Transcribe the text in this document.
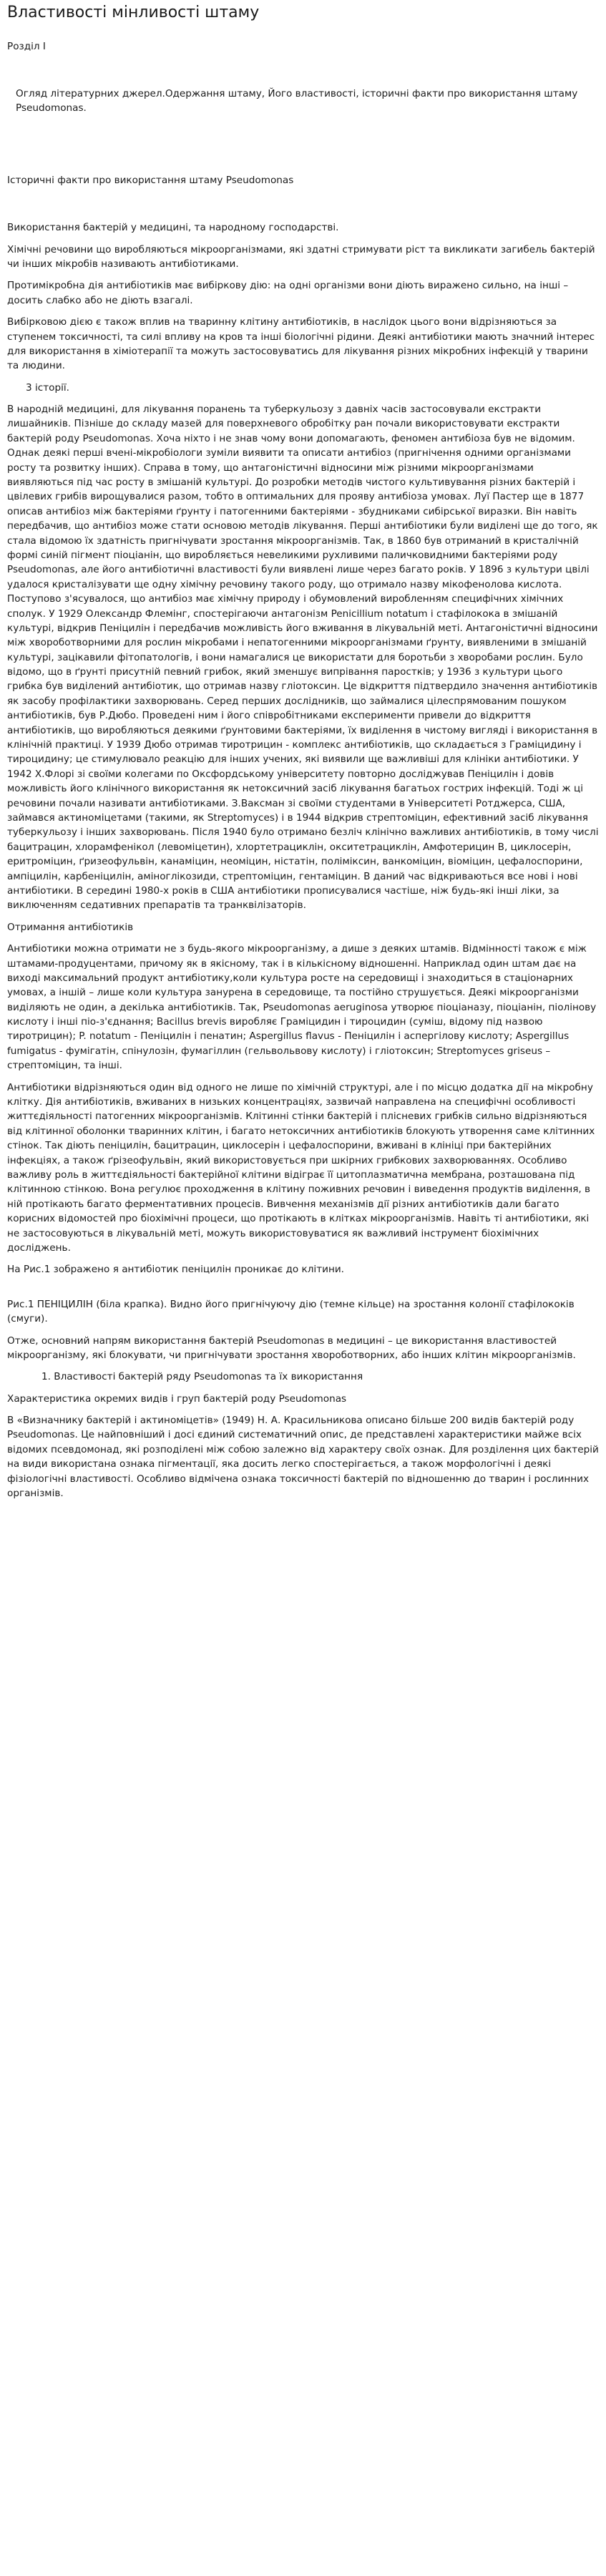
Властивості мінливості штаму

Розділ І

Огляд літературних джерел.Одержання штаму, Його властивості, історичні факти про використання штаму Pseudomonas.

Історичні факти про використання штаму Pseudomonas

Використання бактерій у медицині, та народному господарстві.

Хімічні речовини що виробляються мікроорганізмами, які здатні стримувати ріст та викликати загибель бактерій чи інших мікробів називають антибіотиками.

Протимікробна дія антибіотиків має вибіркову дію: на одні організми вони діють виражено сильно, на інші – досить слабко або не діють взагалі.

Вибірковою дією є також вплив на тваринну клітину антибіотиків, в наслідок цього вони відрізняються за ступенем токсичності, та силі впливу на кров та інші біологічні рідини. Деякі антибіотики мають значний інтерес для використання в хіміотерапії та можуть застосовуватись для лікування різних мікробних інфекцій у тварини та людини.

3 історії.

В народній медицині, для лікування поранень та туберкульозу з давніх часів застосовували екстракти лишайників. Пізніше до складу мазей для поверхневого обробітку ран почали використовувати екстракти бактерій роду Pseudomonas. Хоча ніхто і не знав чому вони допомагають, феномен антибіоза був не відомим. Однак деякі перші вчені-мікробіологи зуміли виявити та описати антибіоз (пригнічення одними організмами росту та розвитку інших). Справа в тому, що антагоністичні відносини між різними мікроорганізмами виявляються під час росту в змішаній культурі. До розробки методів чистого культивування різних бактерій і цвілевих грибів вирощувалися разом, тобто в оптимальних для прояву антибіоза умовах. Луї Пастер ще в 1877 описав антибіоз між бактеріями ґрунту і патогенними бактеріями - збудниками сибірської виразки. Він навіть передбачив, що антибіоз може стати основою методів лікування. Перші антибіотики були виділені ще до того, як стала відомою їх здатність пригнічувати зростання мікроорганізмів. Так, в 1860 був отриманий в кристалічній формі синій пігмент піоціанін, що виробляється невеликими рухливими паличковидними бактеріями роду Pseudomonas, але його антибіотичні властивості були виявлені лише через багато років. У 1896 з культури цвілі удалося кристалізувати ще одну хімічну речовину такого роду, що отримало назву мікофенолова кислота. Поступово з'ясувалося, що антибіоз має хімічну природу і обумовлений виробленням специфічних хімічних сполук. У 1929 Олександр Флемінг, спостерігаючи антагонізм Penicillium notatum і стафілокока в змішаній культурі, відкрив Пеніцилін і передбачив можливість його вживання в лікувальній меті. Антагоністичні відносини між хвороботворними для рослин мікробами і непатогенними мікроорганізмами ґрунту, виявленими в змішаній культурі, зацікавили фітопатологів, і вони намагалися це використати для боротьби з хворобами рослин. Було відомо, що в ґрунті присутній певний грибок, який зменшує випрівання паростків; у 1936 з культури цього грибка був виділений антибіотик, що отримав назву гліотоксин. Це відкриття підтвердило значення антибіотиків як засобу профілактики захворювань. Серед перших дослідників, що займалися цілеспрямованим пошуком антибіотиків, був Р.Дюбо. Проведені ним і його співробітниками експерименти привели до відкриття антибіотиків, що виробляються деякими ґрунтовими бактеріями, їх виділення в чистому вигляді і використання в клінічній практиці. У 1939 Дюбо отримав тиротрицин - комплекс антибіотиків, що складається з Граміцидину і тироцидину; це стимулювало реакцію для інших учених, які виявили ще важливіші для клініки антибіотики. У 1942 Х.Флорі зі своїми колегами по Оксфордському університету повторно досліджував Пеніцилін і довів можливість його клінічного використання як нетоксичний засіб лікування багатьох гострих інфекцій. Тоді ж ці речовини почали називати антибіотиками. З.Ваксман зі своїми студентами в Університеті Ротджерса, США, займався актиноміцетами (такими, як Streptomyces) і в 1944 відкрив стрептоміцин, ефективний засіб лікування туберкульозу і інших захворювань. Після 1940 було отримано безліч клінічно важливих антибіотиків, в тому числі бацитрацин, хлорамфенікол (левоміцетин), хлортетрациклін, окситетрациклін, Амфотерицин В, циклосерін, еритроміцин, ґризеофульвін, канаміцин, неоміцин, ністатін, поліміксин, ванкоміцин, віоміцин, цефалоспорини, ампіцилін, карбеніцилін, аміноглікозиди, стрептоміцин, гентаміцин. В даний час відкриваються все нові і нові антибіотики. В середині 1980-х років в США антибіотики прописувалися частіше, ніж будь-які інші ліки, за виключенням седативних препаратів та транквілізаторів.

Отримання антибіотиків

Антибіотики можна отримати не з будь-якого мікроорганізму, а дише з деяких штамів. Відмінності також є між штамами-продуцентами, причому як в якісному, так і в кількісному відношенні. Наприклад один штам дає на виході максимальний продукт антибіотику,коли культура росте на середовищі і знаходиться в стаціонарних умовах, а іншій – лише коли культура занурена в середовище, та постійно струшується. Деякі мікроорганізми виділяють не один, а декілька антибіотиків. Так, Pseudomonas aeruginosa утворює піоціаназу, піоціанін, піолінову кислоту і інші піо-з'єднання; Bacillus brevis виробляє Грамiцидин і тироцидин (суміш, відому під назвою тиротрицин); P. notatum - Пеніцилін і пенатин; Aspergillus flavus - Пеніцилін і аспергілову кислоту; Aspergillus fumigatus - фумігатін, спінулозін, фумагіллин (гельвольвову кислоту) і гліотоксин; Streptomyces griseus – стрептоміцин, та інші.

Антибіотики відрізняються один від одного не лише по хімічній структурі, але і по місцю додатка дії на мікробну клітку. Дія антибіотиків, вживаних в низьких концентраціях, зазвичай направлена на специфічні особливості життєдіяльності патогенних мікроорганізмів. Клітинні стінки бактерій і плісневих грибків сильно відрізняються від клітинної оболонки тваринних клітин, і багато нетоксичних антибіотиків блокують утворення саме клітинних стінок. Так діють пеніцилін, бацитрацин, циклосерін і цефалоспорини, вживані в клініці при бактерійних інфекціях, а також ґрізеофульвін, який використовується при шкірних грибкових захворюваннях. Особливо важливу роль в життєдіяльності бактерійної клітини відіграє її цитоплазматична мембрана, розташована під клітинною стінкою. Вона регулює проходження в клітину поживних речовин і виведення продуктів виділення, в ній протікають багато ферментативних процесів. Вивчення механізмів дії різних антибіотиків дали багато корисних відомостей про біохімічні процеси, що протікають в клітках мікроорганізмів. Навіть ті антибіотики, які не застосовуються в лікувальній меті, можуть використовуватися як важливий інструмент біохімічних досліджень.

На Рис.1 зображено я антибіотик пеніцилін проникає до клітини.

Рис.1 ПЕНІЦИЛІН (біла крапка). Видно його пригнічуючу дію (темне кільце) на зростання колонії стафілококів (смуги).

Отже, основний напрям використання бактерій Pseudomonas в медицині – це використання властивостей мікроорганізму, які блокувати, чи пригнічувати зростання хвороботворних, або інших клітин мікроорганізмів.

1. Властивості бактерій ряду Pseudomonas та їх використання

Характеристика окремих видів і груп бактерій роду Pseudomonas

В «Визначнику бактерій і актиноміцетів» (1949) Н. А. Красильникова описано більше 200 видів бактерій роду Pseudomonas. Це найповніший і досі єдиний систематичний опис, де представлені характеристики майже всіх відомих псевдомонад, які розподілені між собою залежно від характеру своїх ознак. Для розділення цих бактерій на види використана ознака пігментації, яка досить легко спостерігається, а також морфологічні і деякі фізіологічні властивості. Особливо відмічена ознака токсичності бактерій по відношенню до тварин і рослинних організмів.
